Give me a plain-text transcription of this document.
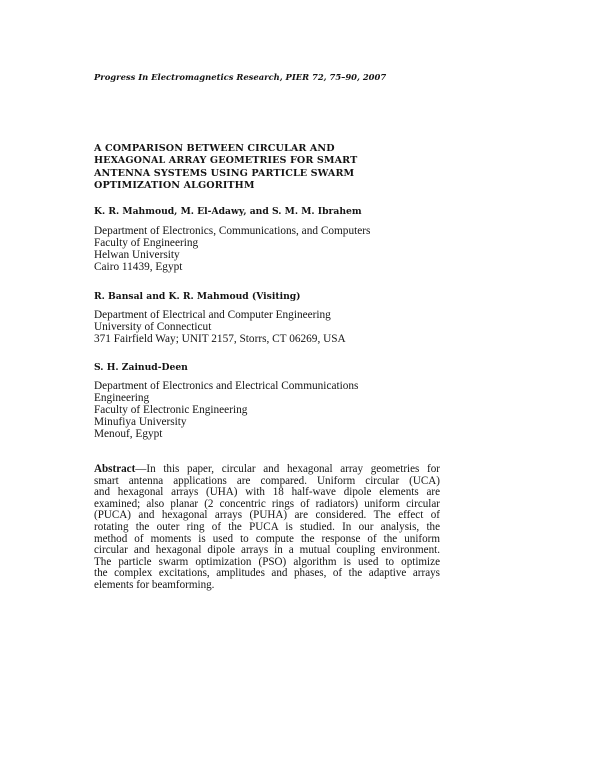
Progress In Electromagnetics Research, PIER 72, 75–90, 2007
A COMPARISON BETWEEN CIRCULAR AND
HEXAGONAL ARRAY GEOMETRIES FOR SMART
ANTENNA SYSTEMS USING PARTICLE SWARM
OPTIMIZATION ALGORITHM
K. R. Mahmoud, M. El-Adawy, and S. M. M. Ibrahem
Department of Electronics, Communications, and Computers
Faculty of Engineering
Helwan University
Cairo 11439, Egypt
R. Bansal and K. R. Mahmoud (Visiting)
Department of Electrical and Computer Engineering
University of Connecticut
371 Fairfield Way; UNIT 2157, Storrs, CT 06269, USA
S. H. Zainud-Deen
Department of Electronics and Electrical Communications
Engineering
Faculty of Electronic Engineering
Minufiya University
Menouf, Egypt
Abstract—In this paper, circular and hexagonal array geometries for
smart antenna applications are compared. Uniform circular (UCA)
and hexagonal arrays (UHA) with 18 half-wave dipole elements are
examined; also planar (2 concentric rings of radiators) uniform circular
(PUCA) and hexagonal arrays (PUHA) are considered. The effect of
rotating the outer ring of the PUCA is studied. In our analysis, the
method of moments is used to compute the response of the uniform
circular and hexagonal dipole arrays in a mutual coupling environment.
The particle swarm optimization (PSO) algorithm is used to optimize
the complex excitations, amplitudes and phases, of the adaptive arrays
elements for beamforming.
